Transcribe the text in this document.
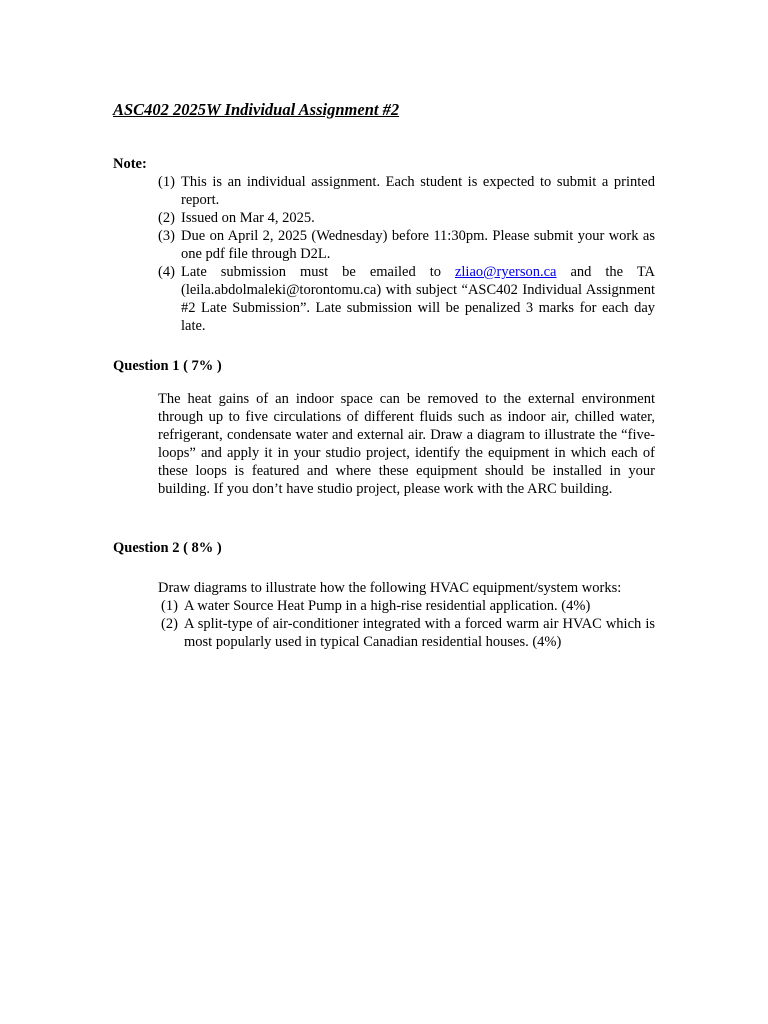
ASC402 2025W Individual Assignment #2
Note:
(1) This is an individual assignment. Each student is expected to submit a printed report.
(2) Issued on Mar 4, 2025.
(3) Due on April 2, 2025 (Wednesday) before 11:30pm. Please submit your work as one pdf file through D2L.
(4) Late submission must be emailed to zliao@ryerson.ca and the TA (leila.abdolmaleki@torontomu.ca) with subject “ASC402 Individual Assignment #2 Late Submission”. Late submission will be penalized 3 marks for each day late.
Question 1 ( 7% )
The heat gains of an indoor space can be removed to the external environment through up to five circulations of different fluids such as indoor air, chilled water, refrigerant, condensate water and external air. Draw a diagram to illustrate the “five-loops” and apply it in your studio project, identify the equipment in which each of these loops is featured and where these equipment should be installed in your building. If you don’t have studio project, please work with the ARC building.
Question 2 ( 8% )
Draw diagrams to illustrate how the following HVAC equipment/system works:
(1) A water Source Heat Pump in a high-rise residential application. (4%)
(2) A split-type of air-conditioner integrated with a forced warm air HVAC which is most popularly used in typical Canadian residential houses. (4%)
